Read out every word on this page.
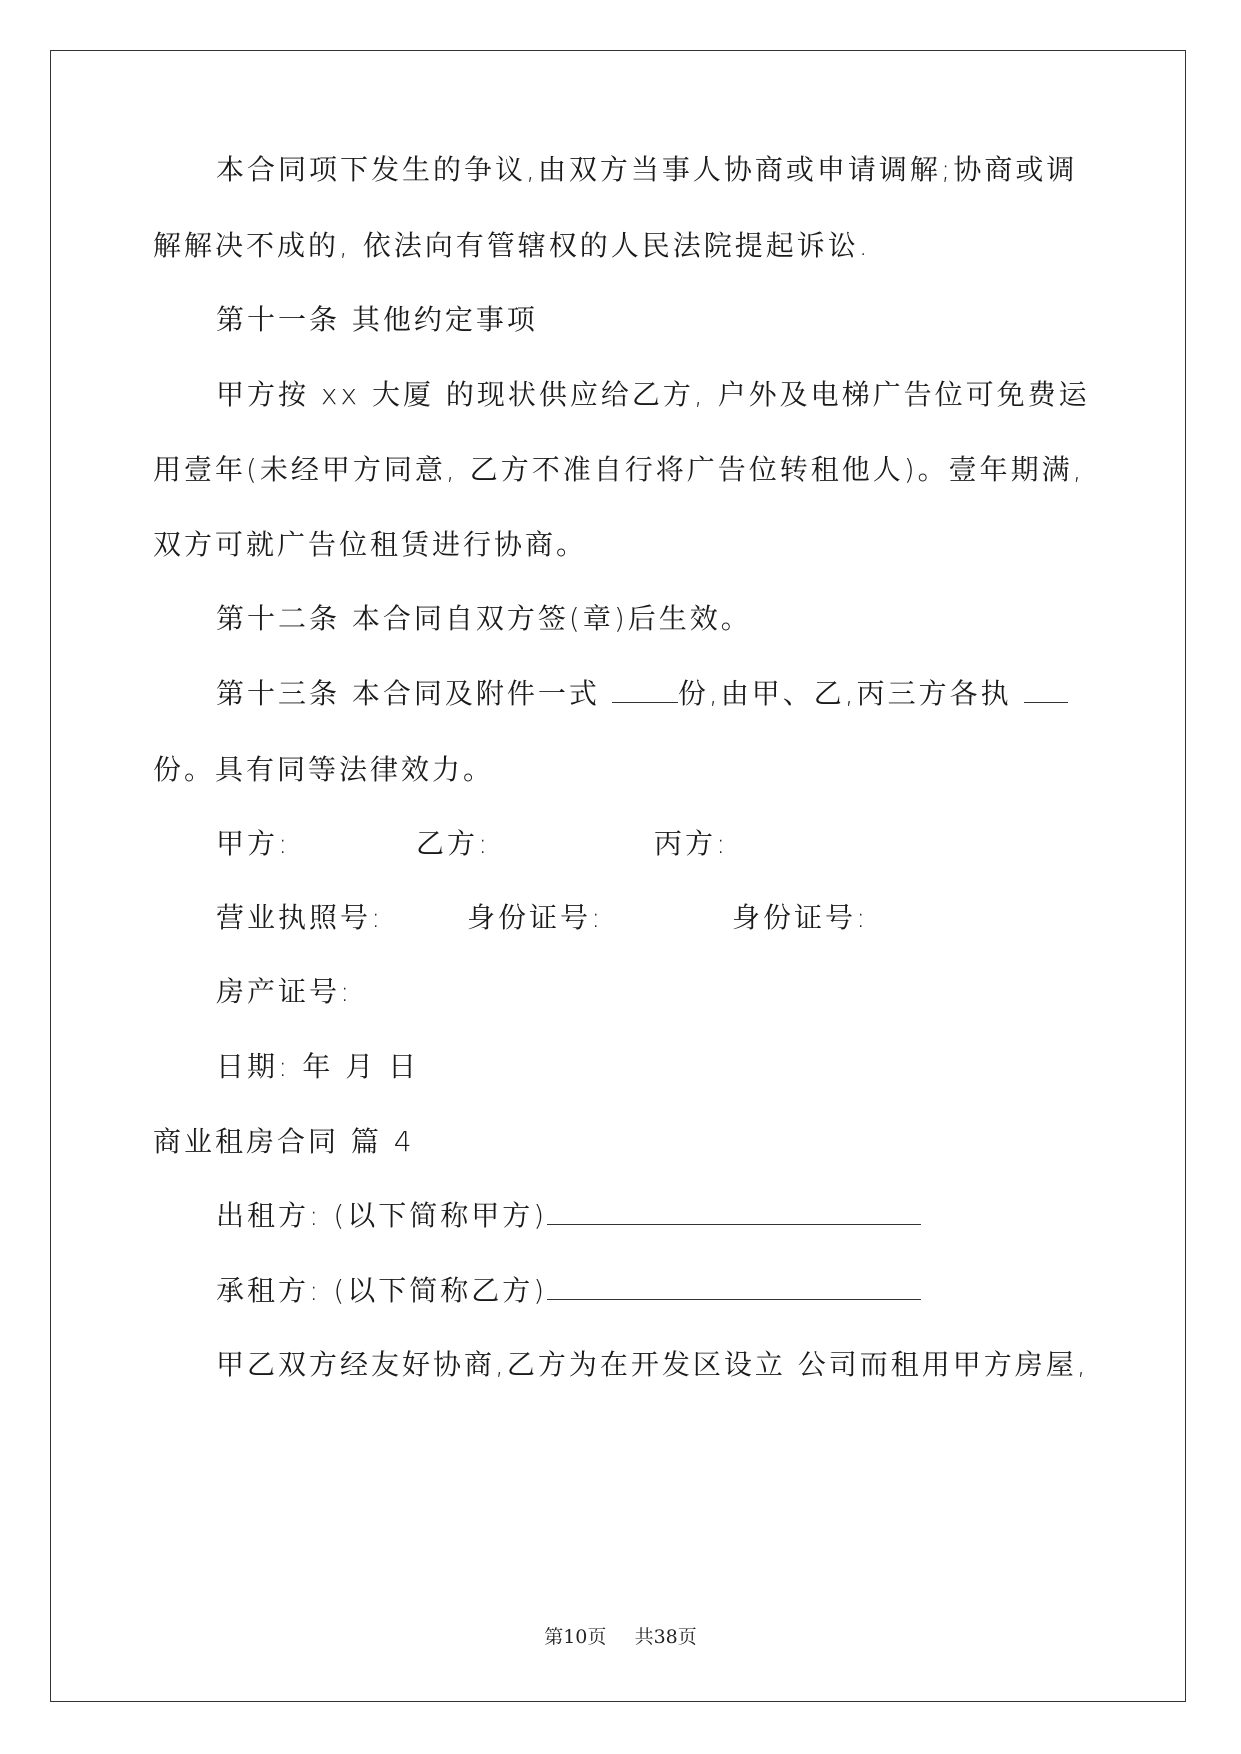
本合同项下发生的争议,由双方当事人协商或申请调解;协商或调
解解决不成的, 依法向有管辖权的人民法院提起诉讼.
第十一条 其他约定事项
甲方按 xx 大厦 的现状供应给乙方, 户外及电梯广告位可免费运
用壹年(未经甲方同意, 乙方不准自行将广告位转租他人)。壹年期满,
双方可就广告位租赁进行协商。
第十二条 本合同自双方签(章)后生效。
第十三条 本合同及附件一式 份,由甲、乙,丙三方各执
份。具有同等法律效力。
甲方:	乙方:	丙方:
营业执照号:	身份证号:	身份证号:
房产证号:
日期: 年 月 日
商业租房合同 篇 4
出租方: (以下简称甲方)
承租方: (以下简称乙方)
甲乙双方经友好协商,乙方为在开发区设立 公司而租用甲方房屋,
第10页 共38页
